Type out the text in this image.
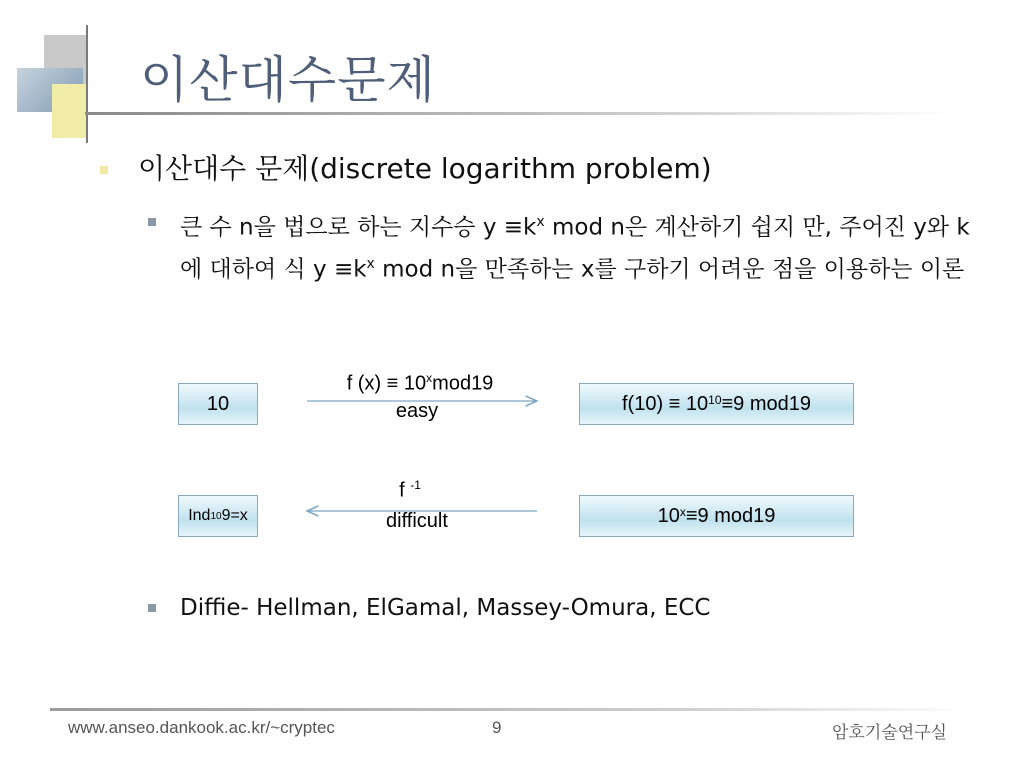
이산대수문제
이산대수 문제(discrete logarithm problem)
큰 수 n을 법으로 하는 지수승 $y \equiv k^x$ mod n은 계산하기 쉽지 만, 주어진 y와 k에 대하여 식 $y \equiv k^x$ mod n을 만족하는 x를 구하기 어려운 점을 이용하는 이론
10
f $(x) \equiv 10^xmod19$
easy	$f(10) \equiv 10^{10} \equiv 9$ mod19
Ind 10 9=x
f $^{-1}$
difficult	10 $^x$ ≡9 mod19
Diffie- Hellman, ElGamal, Massey-Omura, ECC
www.anseo.dankook.ac.kr/~cryptec	9	암호기술연구실
